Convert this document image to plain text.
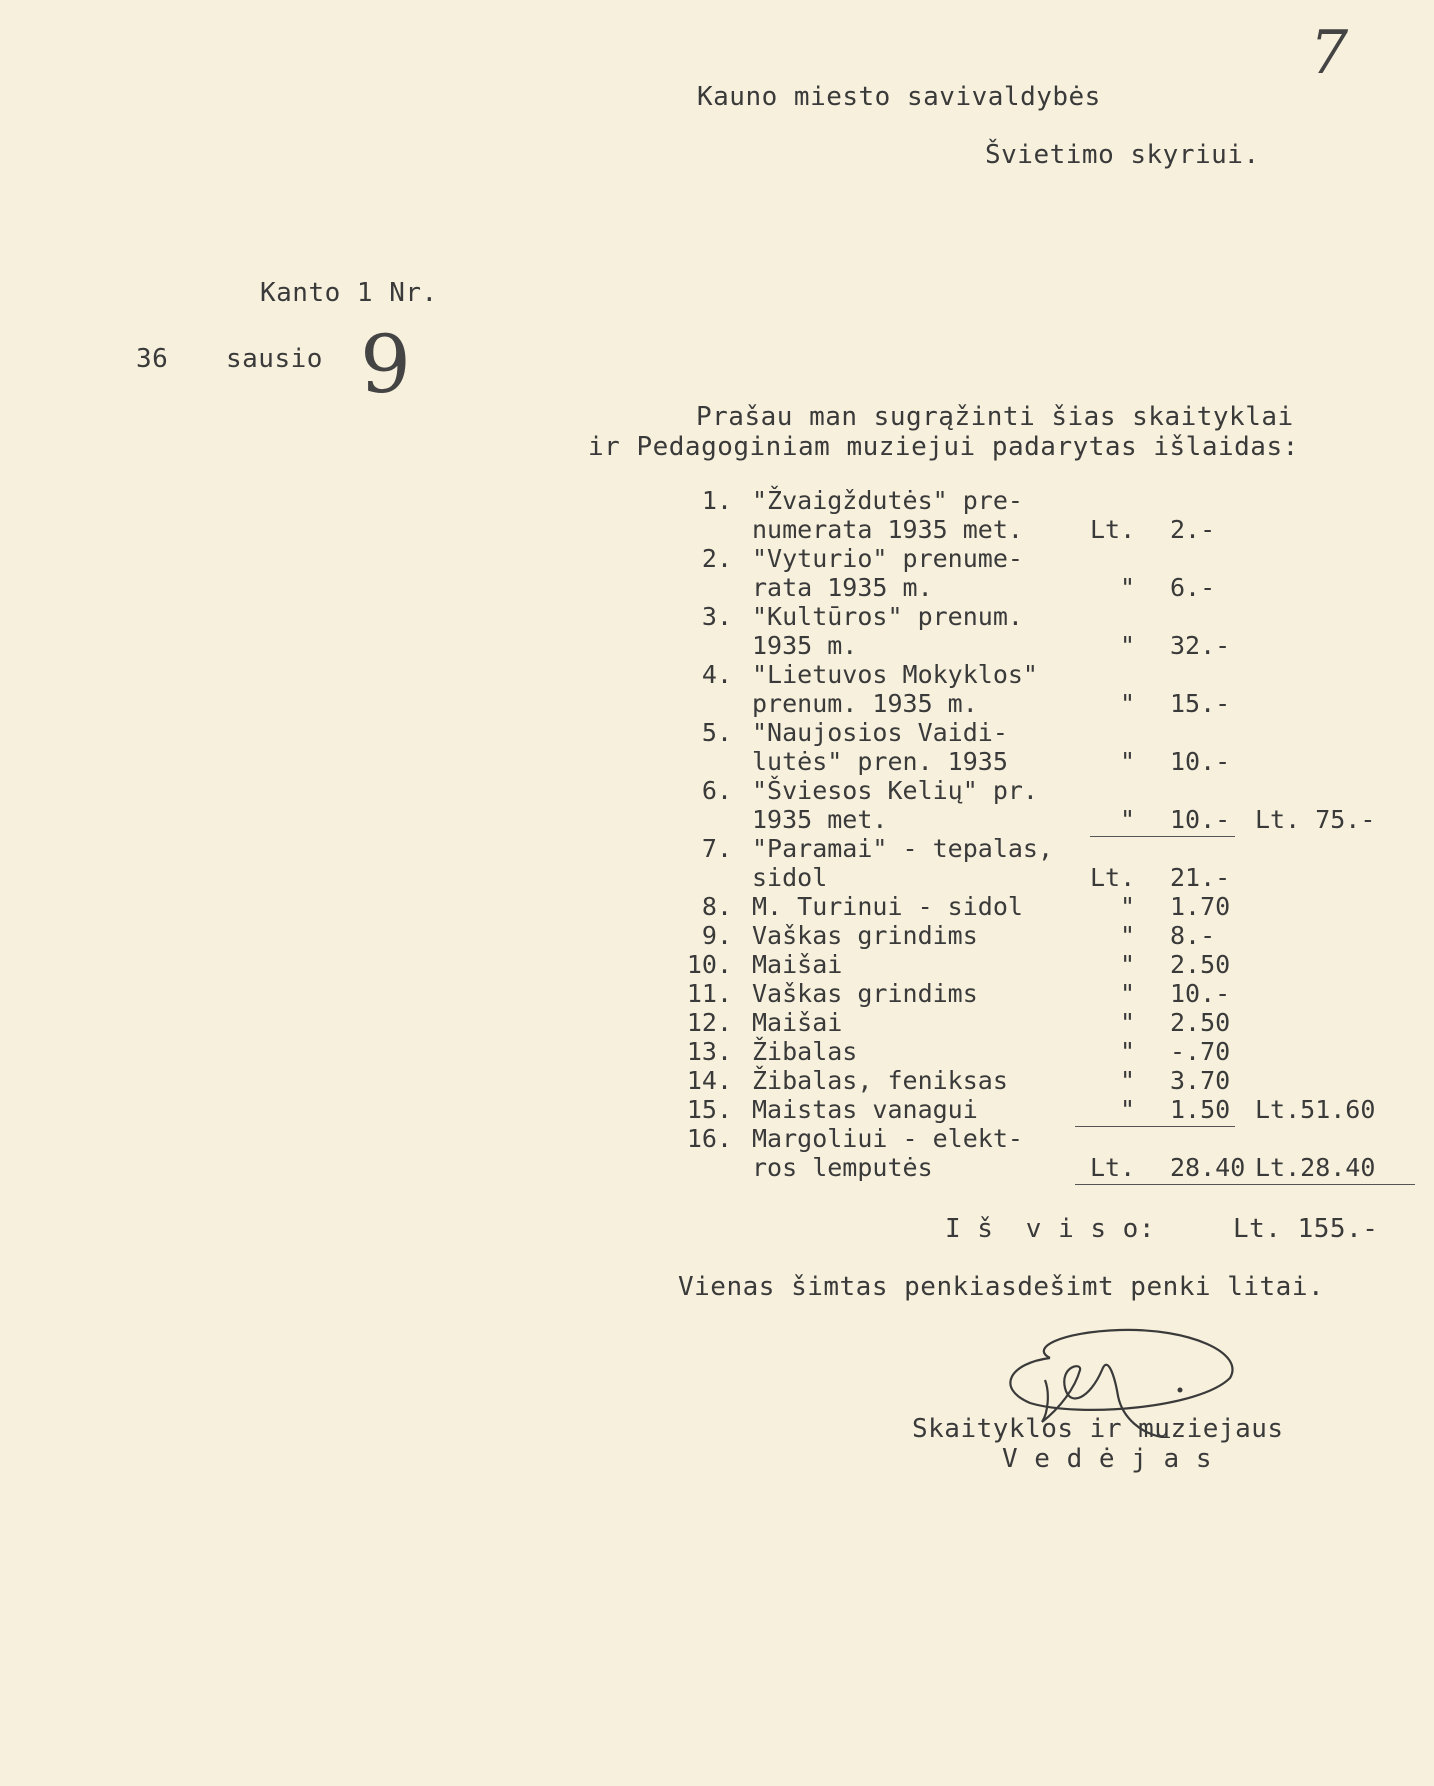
7
Kauno miesto savivaldybės
Švietimo skyriui.
Kanto 1 Nr.
36 sausio 9
Prašau man sugrąžinti šias skaityklai
ir Pedagoginiam muziejui padarytas išlaidas:
1. "Žvaigždutės" pre-
numerata 1935 met.	Lt. 2.-
2. "Vyturio" prenume-
rata 1935 m.	" 6.-
3. "Kultūros" prenum.
1935 m.	" 32.-
4. "Lietuvos Mokyklos"
prenum. 1935 m.	" 15.-
5. "Naujosios Vaidi-
lutės" pren. 1935	" 10.-
6. "Šviesos Kelių" pr.
1935 met.	" 10.- Lt. 75.-
7. "Paramai" - tepalas,
sidol	Lt. 21.-
8. M. Turinui - sidol	" 1.70
9. Vaškas grindims	" 8.-
10. Maišai	" 2.50
11. Vaškas grindims	" 10.-
12. Maišai	" 2.50
13. Žibalas	" -.70
14. Žibalas, feniksas	" 3.70
15. Maistas vanagui	" 1.50 Lt.51.60
16. Margoliui - elekt-
ros lemputės	Lt. 28.40 Lt.28.40
I š  v i s o:	Lt. 155.-
Vienas šimtas penkiasdešimt penki litai.
Skaityklos ir muziejaus
V e d ė j a s
